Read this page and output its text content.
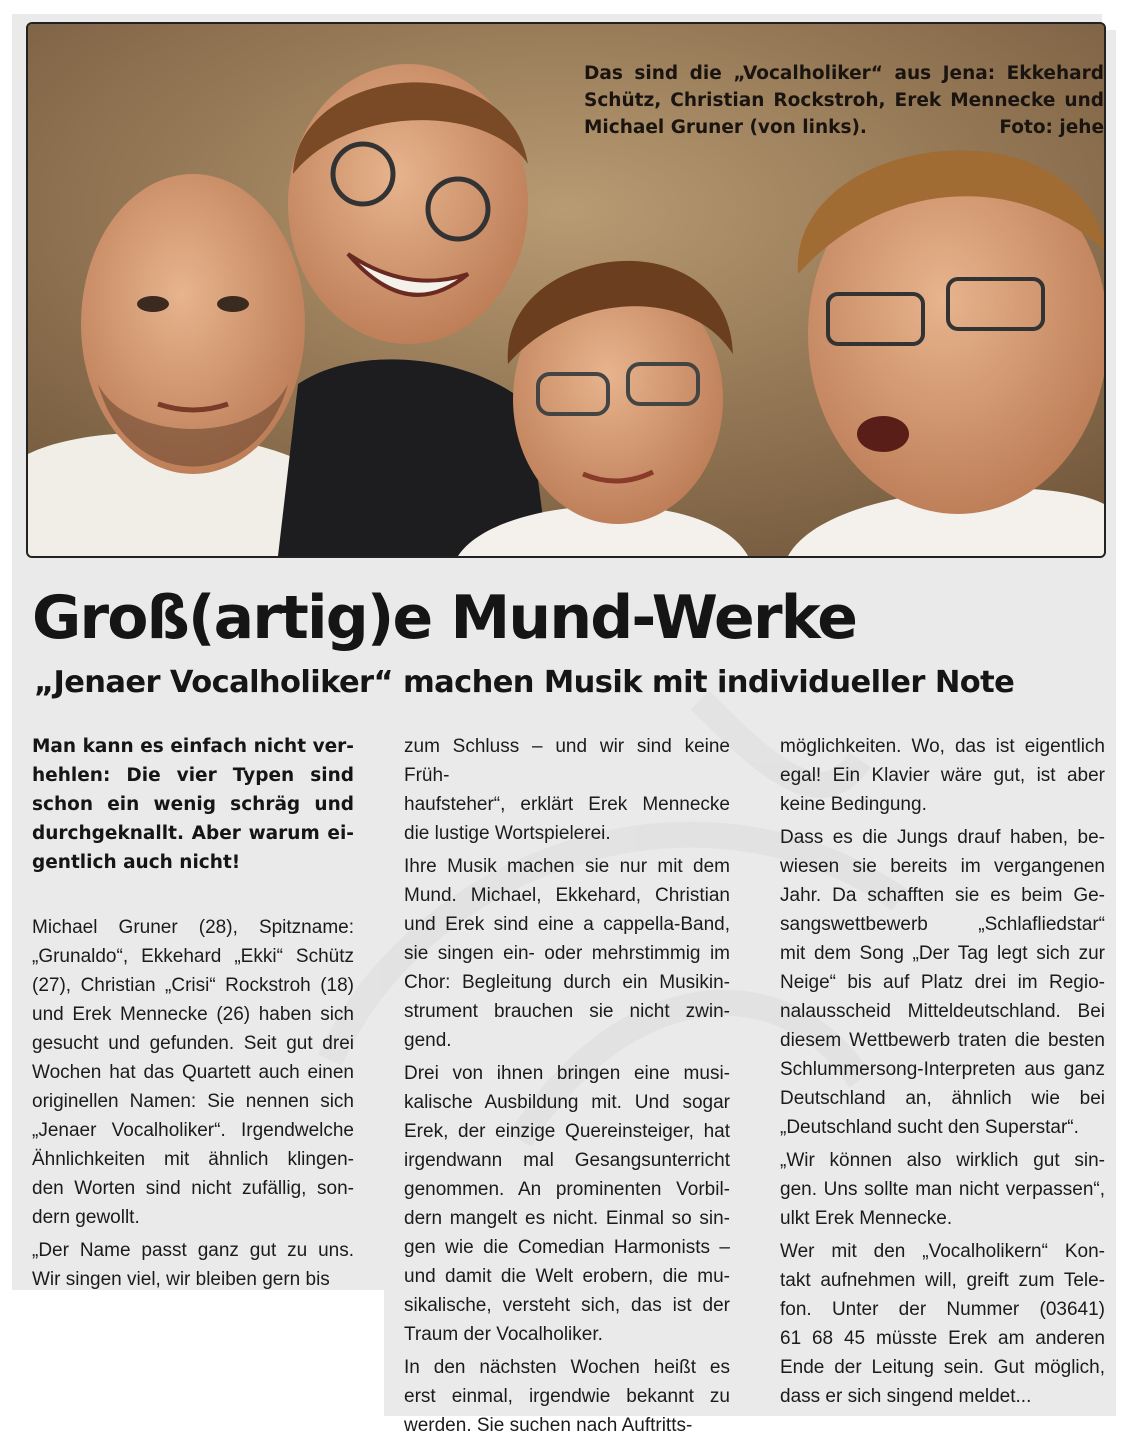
Das sind die „Vocalholiker“ aus Jena: Ekkehard Schütz, Christian Rockstroh, Erek Mennecke und Michael Gruner (von links).	Foto: jehe
Groß(artig)e Mund-Werke
„Jenaer Vocalholiker“ machen Musik mit individueller Note

Man kann es einfach nicht ver-
hehlen: Die vier Typen sind
schon ein wenig schräg und
durchgeknallt. Aber warum ei-
gentlich auch nicht!

Michael Gruner (28), Spitzname:
„Grunaldo“, Ekkehard „Ekki“ Schütz
(27), Christian „Crisi“ Rockstroh (18)
und Erek Mennecke (26) haben sich
gesucht und gefunden. Seit gut drei
Wochen hat das Quartett auch einen
originellen Namen: Sie nennen sich
„Jenaer Vocalholiker“. Irgendwelche
Ähnlichkeiten mit ähnlich klingen-
den Worten sind nicht zufällig, son-
dern gewollt.

„Der Name passt ganz gut zu uns.
Wir singen viel, wir bleiben gern bis

zum Schluss – und wir sind keine Früh-
haufsteher“, erklärt Erek Mennecke
die lustige Wortspielerei.

Ihre Musik machen sie nur mit dem
Mund. Michael, Ekkehard, Christian
und Erek sind eine a cappella-Band,
sie singen ein- oder mehrstimmig im
Chor: Begleitung durch ein Musikin-
strument brauchen sie nicht zwin-
gend.

Drei von ihnen bringen eine musi-
kalische Ausbildung mit. Und sogar
Erek, der einzige Quereinsteiger, hat
irgendwann mal Gesangsunterricht
genommen. An prominenten Vorbil-
dern mangelt es nicht. Einmal so sin-
gen wie die Comedian Harmonists –
und damit die Welt erobern, die mu-
sikalische, versteht sich, das ist der
Traum der Vocalholiker.

In den nächsten Wochen heißt es
erst einmal, irgendwie bekannt zu
werden. Sie suchen nach Auftritts-

möglichkeiten. Wo, das ist eigentlich
egal! Ein Klavier wäre gut, ist aber
keine Bedingung.

Dass es die Jungs drauf haben, be-
wiesen sie bereits im vergangenen
Jahr. Da schafften sie es beim Ge-
sangswettbewerb „Schlafliedstar“
mit dem Song „Der Tag legt sich zur
Neige“ bis auf Platz drei im Regio-
nalausscheid Mitteldeutschland. Bei
diesem Wettbewerb traten die besten
Schlummersong-Interpreten aus ganz
Deutschland an, ähnlich wie bei
„Deutschland sucht den Superstar“.

„Wir können also wirklich gut sin-
gen. Uns sollte man nicht verpassen“,
ulkt Erek Mennecke.

Wer mit den „Vocalholikern“ Kon-
takt aufnehmen will, greift zum Tele-
fon. Unter der Nummer (03641)
61 68 45 müsste Erek am anderen
Ende der Leitung sein. Gut möglich,
dass er sich singend meldet...
